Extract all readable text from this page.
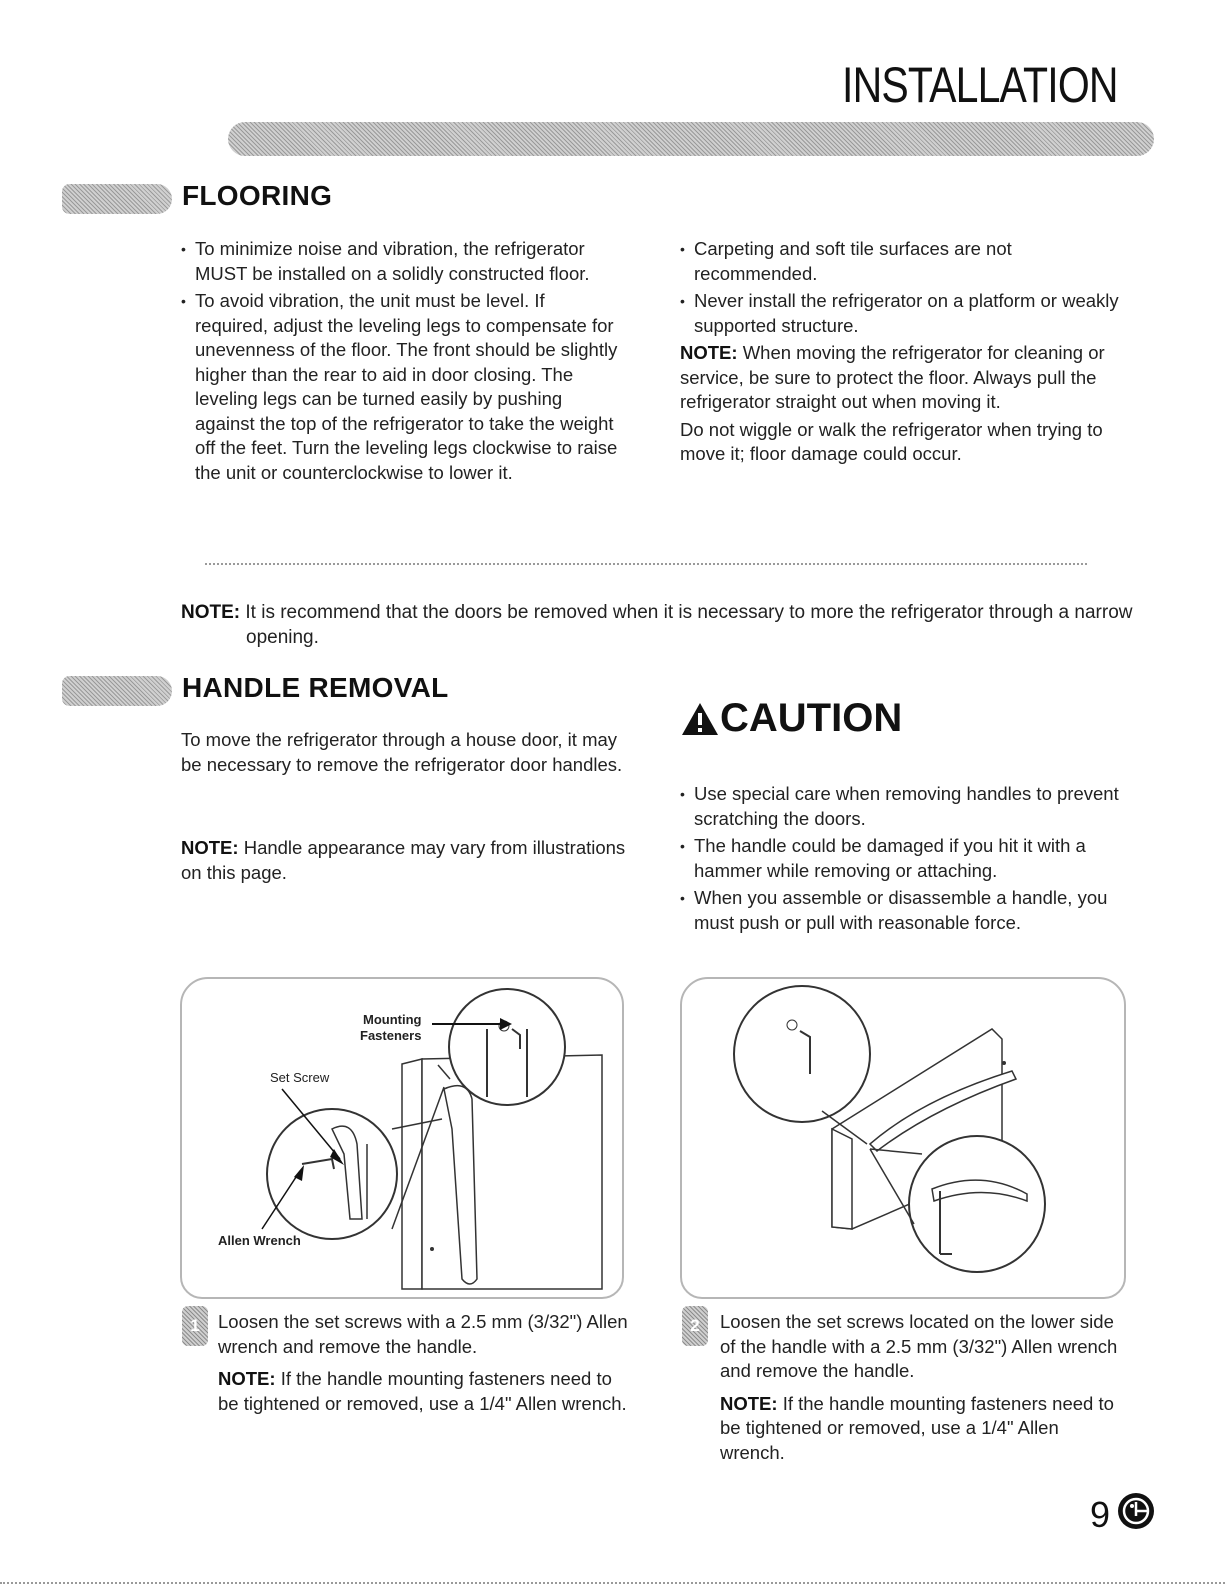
INSTALLATION
FLOORING

• To minimize noise and vibration, the refrigerator MUST be installed on a solidly constructed floor.

• To avoid vibration, the unit must be level. If required, adjust the leveling legs to compensate for unevenness of the floor. The front should be slightly higher than the rear to aid in door closing. The leveling legs can be turned easily by pushing against the top of the refrigerator to take the weight off the feet. Turn the leveling legs clockwise to raise the unit or counterclockwise to lower it.

• Carpeting and soft tile surfaces are not recommended.

• Never install the refrigerator on a platform or weakly supported structure.

NOTE: When moving the refrigerator for cleaning or service, be sure to protect the floor. Always pull the refrigerator straight out when moving it.

Do not wiggle or walk the refrigerator when trying to move it; floor damage could occur.

NOTE: It is recommend that the doors be removed when it is necessary to more the refrigerator through a narrow opening.
HANDLE REMOVAL
To move the refrigerator through a house door, it may be necessary to remove the refrigerator door handles.
NOTE: Handle appearance may vary from illustrations on this page.
CAUTION

• Use special care when removing handles to prevent scratching the doors.

• The handle could be damaged if you hit it with a hammer while removing or attaching.

• When you assemble or disassemble a handle, you must push or pull with reasonable force.

Mounting
Fasteners
Set Screw
Allen Wrench
1 Loosen the set screws with a 2.5 mm (3/32") Allen wrench and remove the handle.

NOTE: If the handle mounting fasteners need to be tightened or removed, use a 1/4" Allen wrench.

2	Loosen the set screws located on the lower side of the handle with a 2.5 mm (3/32") Allen wrench and remove the handle.

NOTE: If the handle mounting fasteners need to be tightened or removed, use a 1/4" Allen wrench.

9
